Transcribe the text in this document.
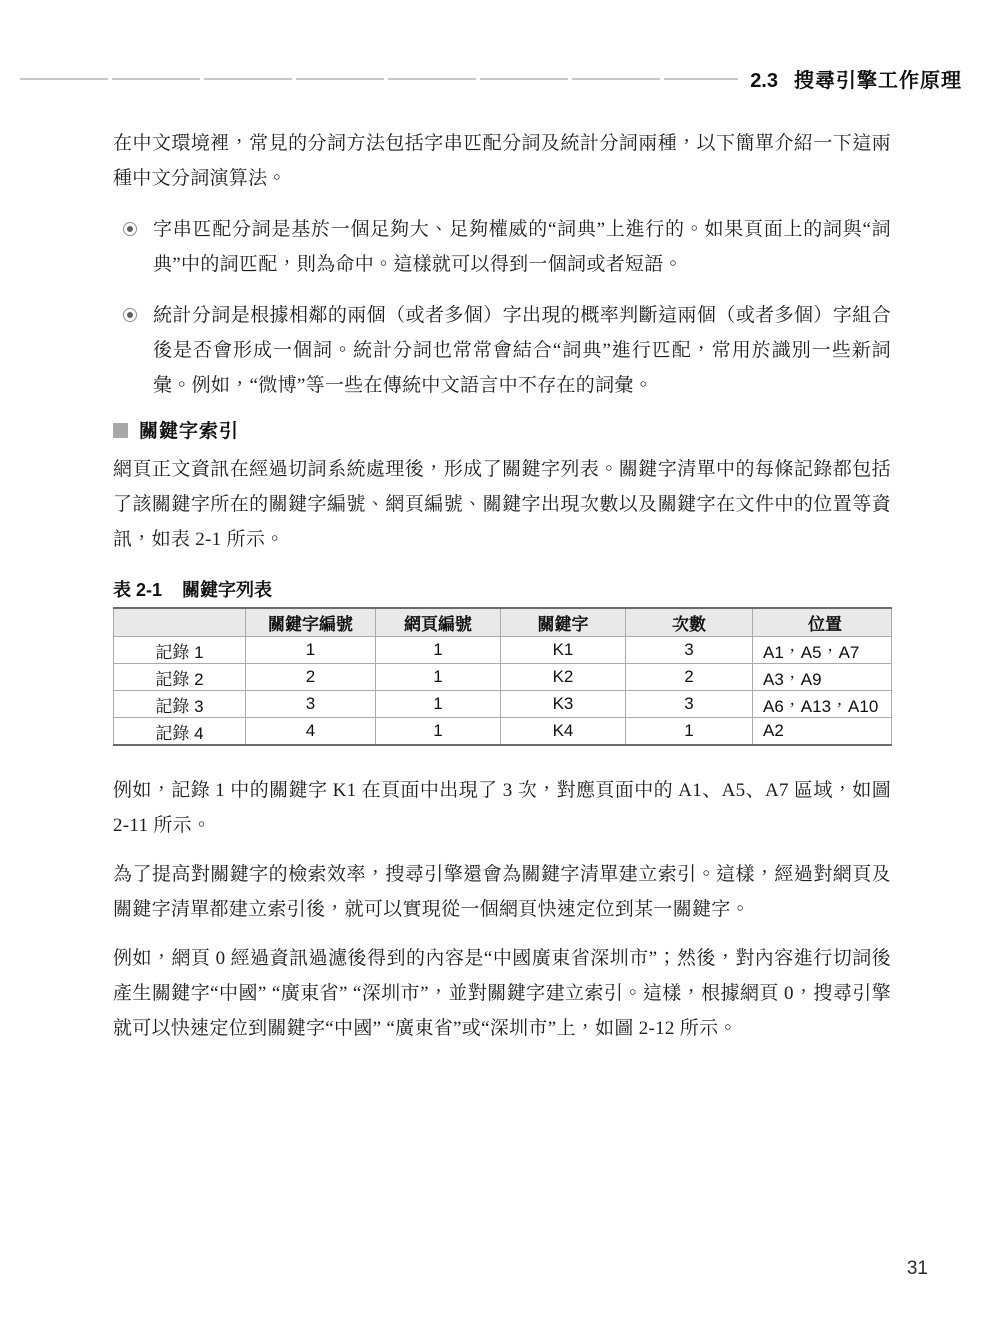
2.3 搜尋引擎工作原理

在中文環境裡，常見的分詞方法包括字串匹配分詞及統計分詞兩種，以下簡單介紹一下這兩種中文分詞演算法。

字串匹配分詞是基於一個足夠大、足夠權威的“詞典”上進行的。如果頁面上的詞與“詞典”中的詞匹配，則為命中。這樣就可以得到一個詞或者短語。
統計分詞是根據相鄰的兩個（或者多個）字出現的概率判斷這兩個（或者多個）字組合後是否會形成一個詞。統計分詞也常常會結合“詞典”進行匹配，常用於識別一些新詞彙。例如，“微博”等一些在傳統中文語言中不存在的詞彙。
關鍵字索引

網頁正文資訊在經過切詞系統處理後，形成了關鍵字列表。關鍵字清單中的每條記錄都包括了該關鍵字所在的關鍵字編號、網頁編號、關鍵字出現次數以及關鍵字在文件中的位置等資訊，如表 2-1 所示。

表 2-1 關鍵字列表
	關鍵字編號	網頁編號	關鍵字	次數	位置
記錄 1	1	1	K1	3	A1，A5，A7
記錄 2	2	1	K2	2	A3，A9
記錄 3	3	1	K3	3	A6，A13，A10
記錄 4	4	1	K4	1	A2

例如，記錄 1 中的關鍵字 K1 在頁面中出現了 3 次，對應頁面中的 A1、A5、A7 區域，如圖 2-11 所示。

為了提高對關鍵字的檢索效率，搜尋引擎還會為關鍵字清單建立索引。這樣，經過對網頁及關鍵字清單都建立索引後，就可以實現從一個網頁快速定位到某一關鍵字。

例如，網頁 0 經過資訊過濾後得到的內容是“中國廣東省深圳市”；然後，對內容進行切詞後產生關鍵字“中國” “廣東省” “深圳市”，並對關鍵字建立索引。這樣，根據網頁 0，搜尋引擎就可以快速定位到關鍵字“中國” “廣東省”或“深圳市”上，如圖 2-12 所示。

31
